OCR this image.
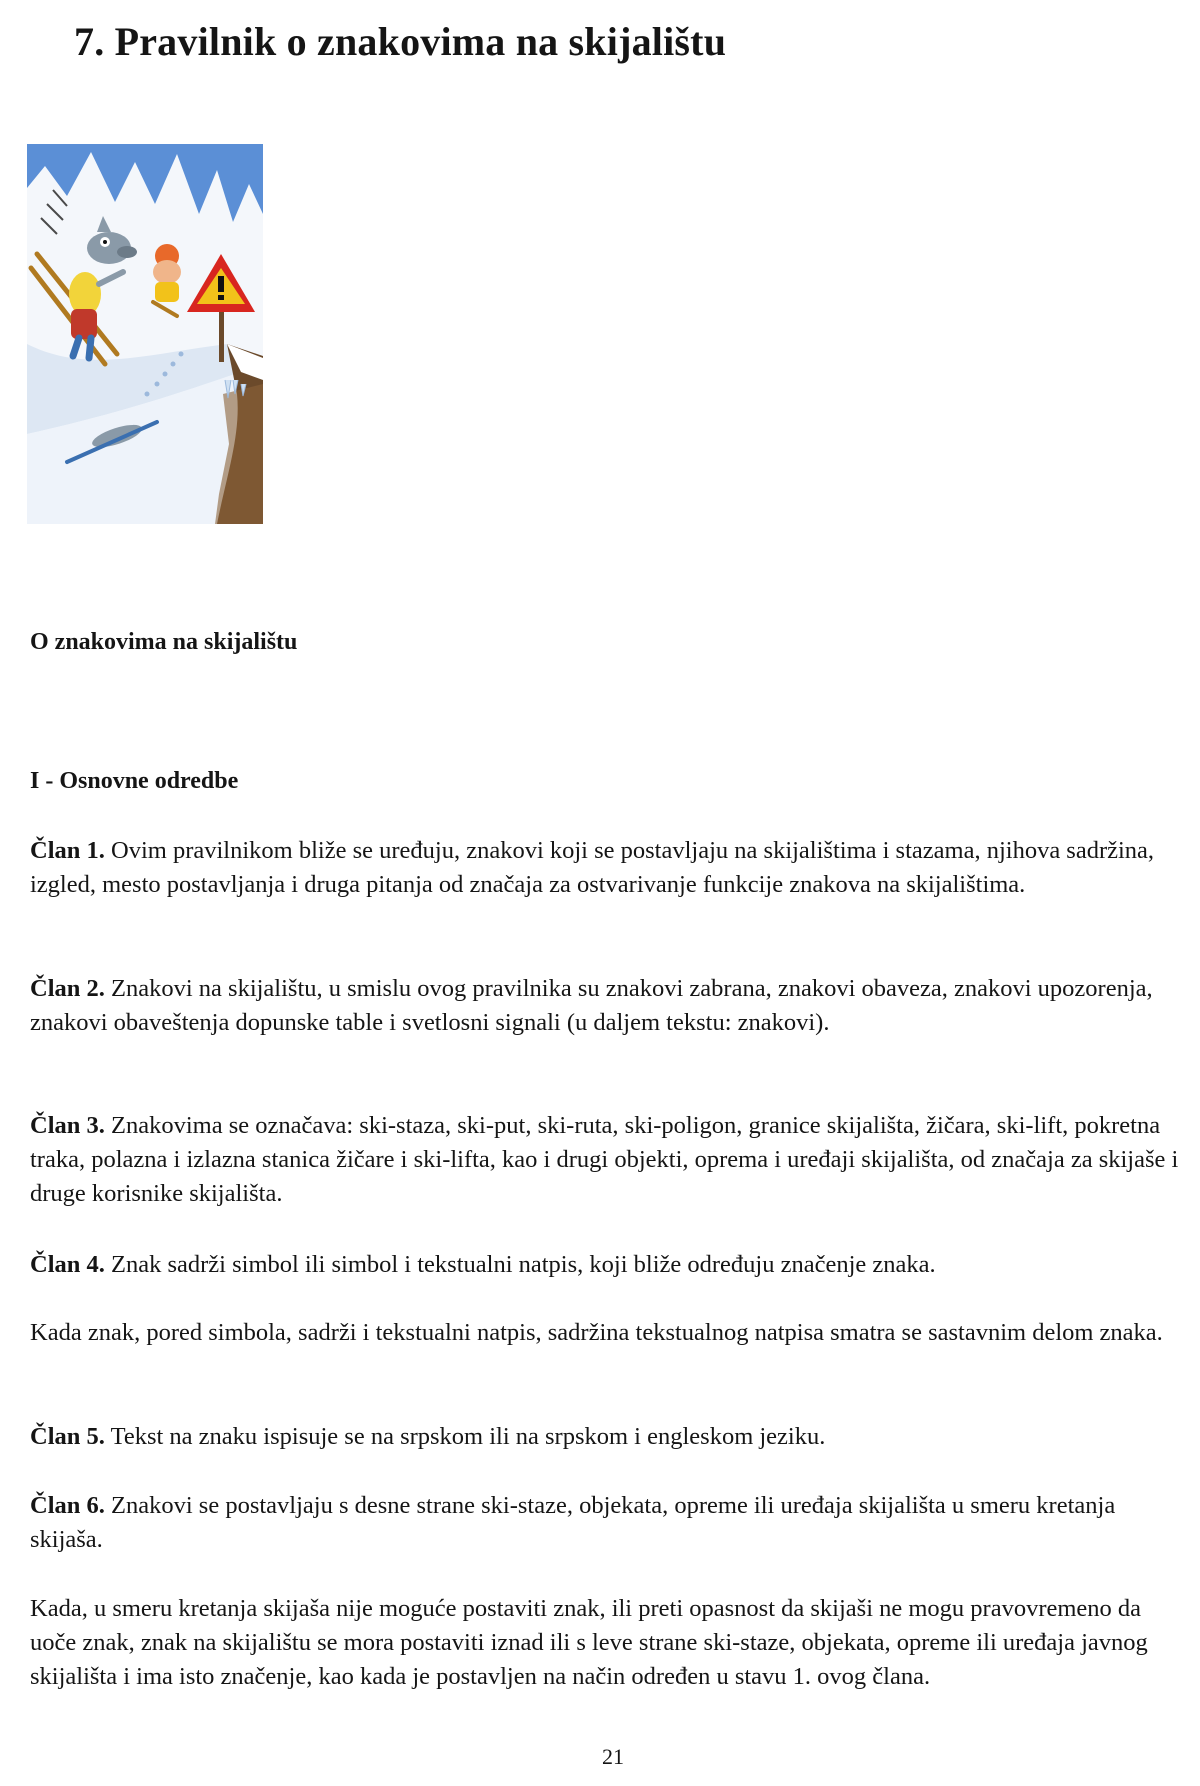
7. Pravilnik o znakovima na skijalištu
O znakovima na skijalištu
I - Osnovne odredbe

Član 1. Ovim pravilnikom bliže se uređuju, znakovi koji se postavljaju na skijalištima i stazama, njihova sadržina, izgled, mesto postavljanja i druga pitanja od značaja za ostvarivanje funkcije znakova na skijalištima.

Član 2. Znakovi na skijalištu, u smislu ovog pravilnika su znakovi zabrana, znakovi obaveza, znakovi upozorenja, znakovi obaveštenja dopunske table i svetlosni signali (u daljem tekstu: znakovi).

Član 3. Znakovima se označava: ski-staza, ski-put, ski-ruta, ski-poligon, granice skijališta, žičara, ski-lift, pokretna traka, polazna i izlazna stanica žičare i ski-lifta, kao i drugi objekti, oprema i uređaji skijališta, od značaja za skijaše i druge korisnike skijališta.

Član 4. Znak sadrži simbol ili simbol i tekstualni natpis, koji bliže određuju značenje znaka.

Kada znak, pored simbola, sadrži i tekstualni natpis, sadržina tekstualnog natpisa smatra se sastavnim delom znaka.

Član 5. Tekst na znaku ispisuje se na srpskom ili na srpskom i engleskom jeziku.

Član 6. Znakovi se postavljaju s desne strane ski-staze, objekata, opreme ili uređaja skijališta u smeru kretanja skijaša.

Kada, u smeru kretanja skijaša nije moguće postaviti znak, ili preti opasnost da skijaši ne mogu pravovremeno da uoče znak, znak na skijalištu se mora postaviti iznad ili s leve strane ski-staze, objekata, opreme ili uređaja javnog skijališta i ima isto značenje, kao kada je postavljen na način određen u stavu 1. ovog člana.

21
